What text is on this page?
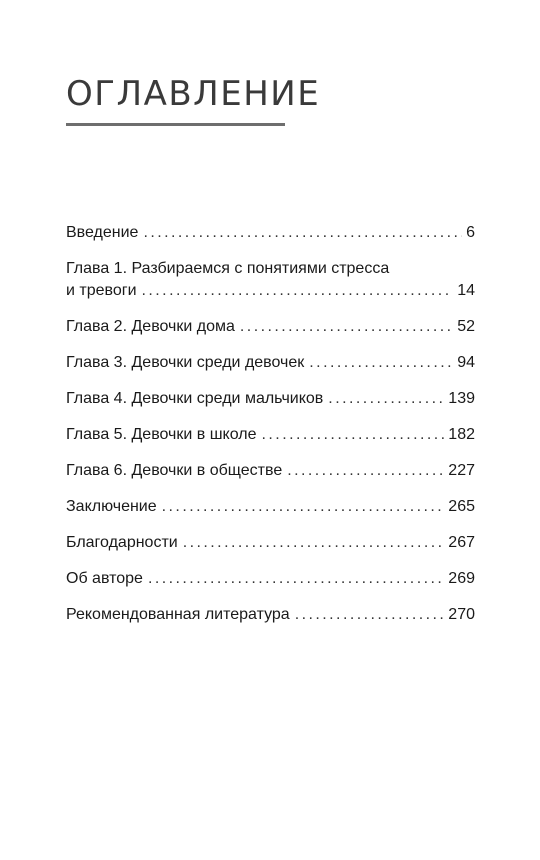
ОГЛАВЛЕНИЕ
Введение . . .	6
Глава 1. Разбираемся с понятиями стресса
и тревоги . . .	14
Глава 2. Девочки дома . . .	52
Глава 3. Девочки среди девочек . . .	94
Глава 4. Девочки среди мальчиков . . .	139
Глава 5. Девочки в школе . . .	182
Глава 6. Девочки в обществе . . .	227
Заключение . . .	265
Благодарности . . .	267
Об авторе . . .	269
Рекомендованная литература . . .	270
